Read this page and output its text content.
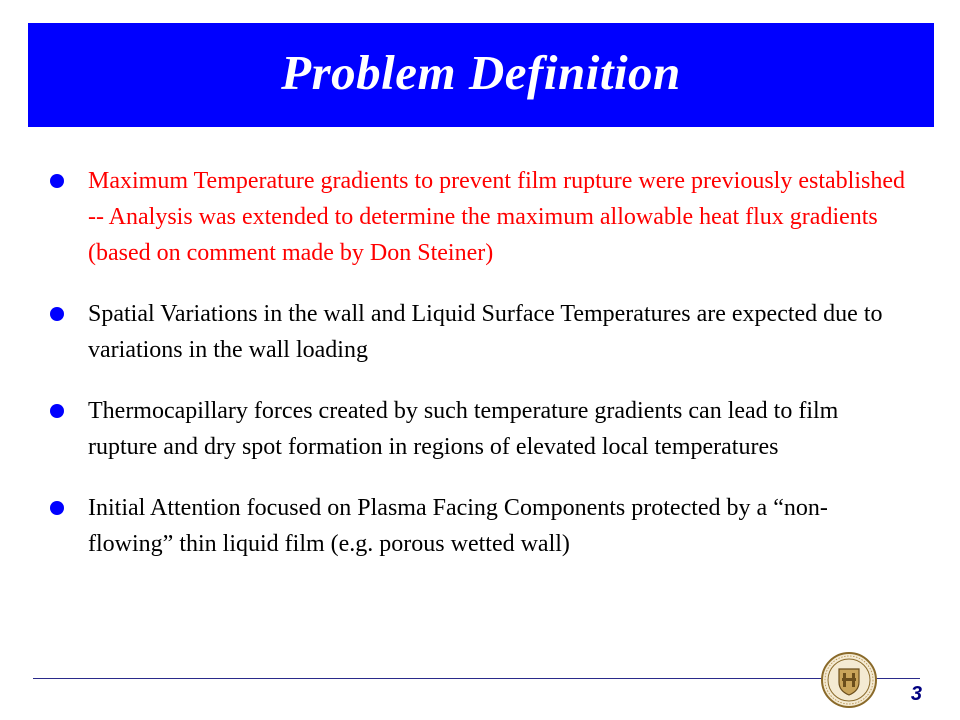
Problem Definition
Maximum Temperature gradients to prevent film rupture were previously established -- Analysis was extended to determine the maximum allowable heat flux gradients (based on comment made by Don Steiner)
Spatial Variations in the wall and Liquid Surface Temperatures are expected due to variations in the wall loading
Thermocapillary forces created by such temperature gradients can lead to film rupture and dry spot formation in regions of elevated local temperatures
Initial Attention focused on Plasma Facing Components protected by a “non-flowing” thin liquid film (e.g. porous wetted wall)
3
